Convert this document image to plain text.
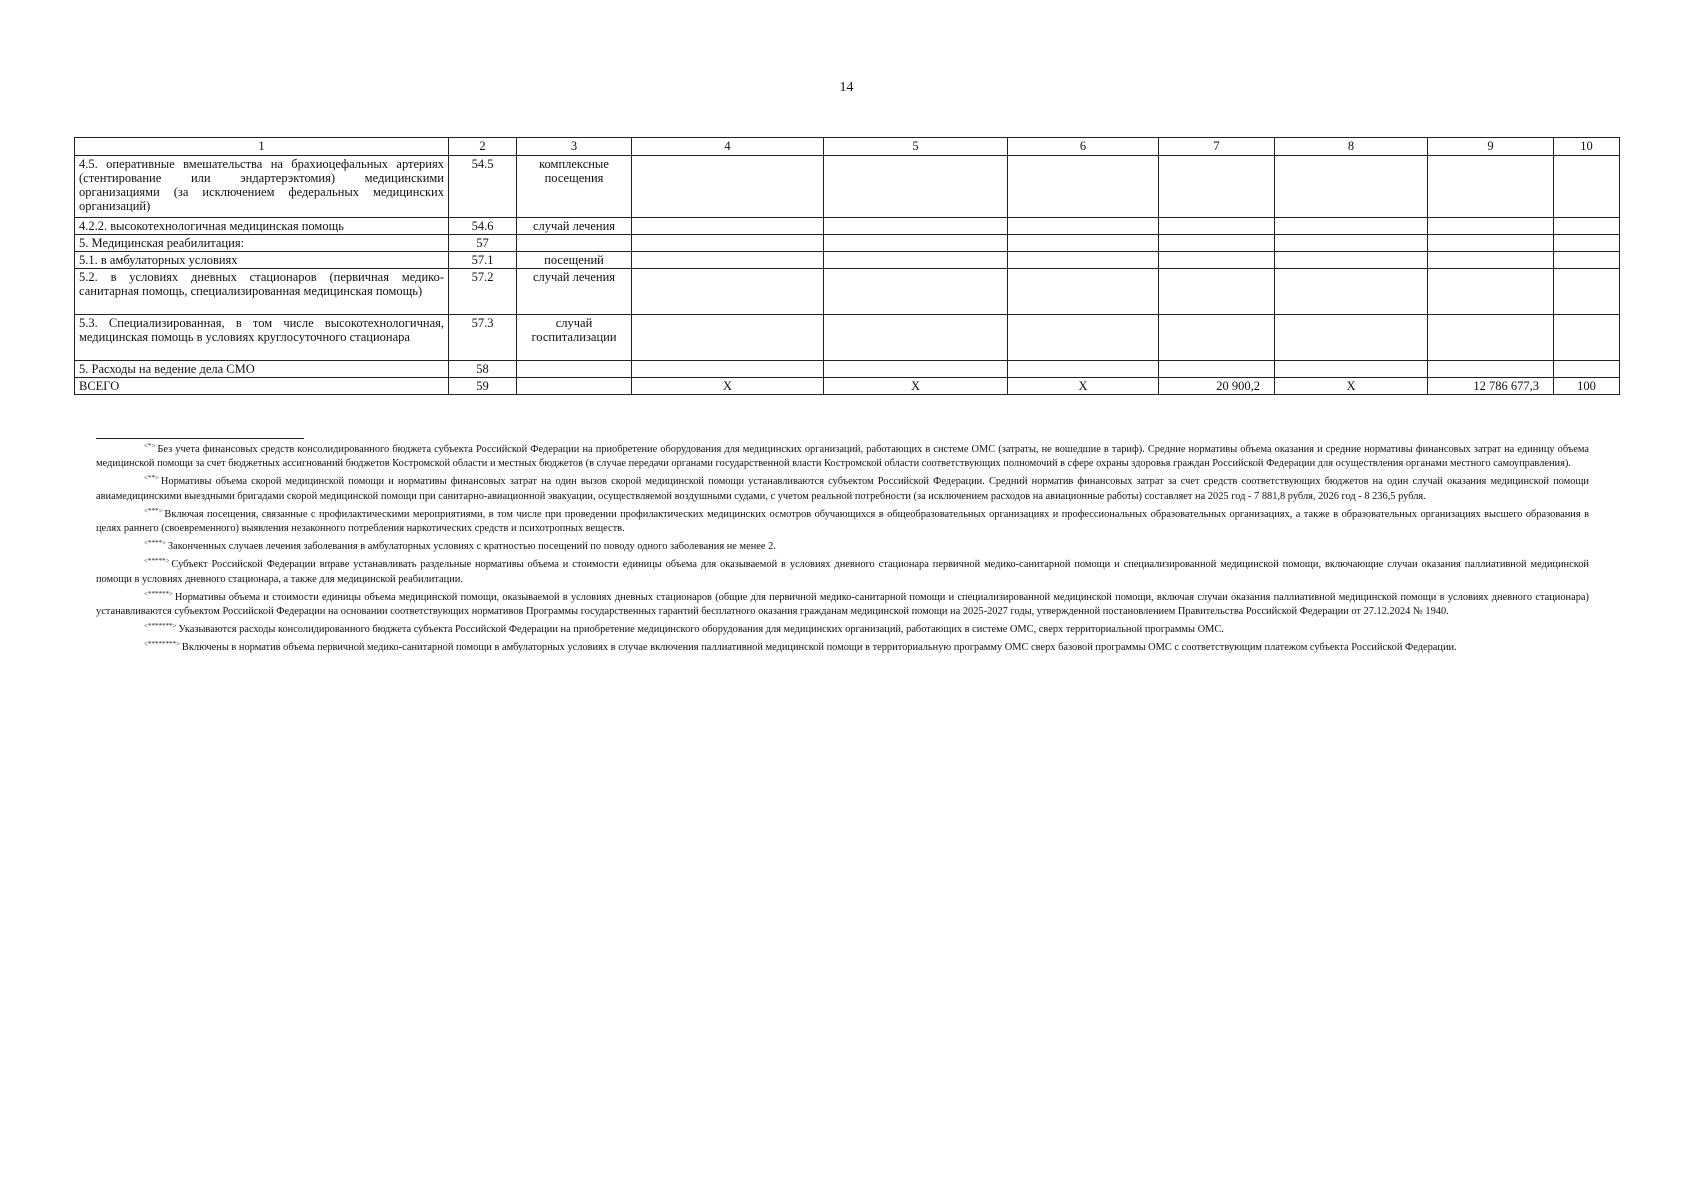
14
1	2	3	4	5	6	7	8	9	10
4.5. оперативные вмешательства на брахиоцефальных артериях (стентирование или эндартерэктомия) медицинскими организациями (за исключением федеральных медицинских организаций)	54.5	комплексные посещения							
4.2.2. высокотехнологичная медицинская помощь	54.6	случай лечения							
5. Медицинская реабилитация:	57								
5.1. в амбулаторных условиях	57.1	посещений							
5.2. в условиях дневных стационаров (первичная медико-санитарная помощь, специализированная медицинская помощь)	57.2	случай лечения							
5.3. Специализированная, в том числе высокотехнологичная, медицинская помощь в условиях круглосуточного стационара	57.3	случай госпитализации							
5. Расходы на ведение дела СМО	58								
ВСЕГО	59		Х	Х	Х	20 900,2	Х	12 786 677,3	100

<*> Без учета финансовых средств консолидированного бюджета субъекта Российской Федерации на приобретение оборудования для медицинских организаций, работающих в системе ОМС (затраты, не вошедшие в тариф). Средние нормативы объема оказания и средние нормативы финансовых затрат на единицу объема медицинской помощи за счет бюджетных ассигнований бюджетов Костромской области и местных бюджетов (в случае передачи органами государственной власти Костромской области соответствующих полномочий в сфере охраны здоровья граждан Российской Федерации для осуществления органами местного самоуправления).

<**> Нормативы объема скорой медицинской помощи и нормативы финансовых затрат на один вызов скорой медицинской помощи устанавливаются субъектом Российской Федерации. Средний норматив финансовых затрат за счет средств соответствующих бюджетов на один случай оказания медицинской помощи авиамедицинскими выездными бригадами скорой медицинской помощи при санитарно-авиационной эвакуации, осуществляемой воздушными судами, с учетом реальной потребности (за исключением расходов на авиационные работы) составляет на 2025 год - 7 881,8 рубля, 2026 год - 8 236,5 рубля.

<***> Включая посещения, связанные с профилактическими мероприятиями, в том числе при проведении профилактических медицинских осмотров обучающихся в общеобразовательных организациях и профессиональных образовательных организациях, а также в образовательных организациях высшего образования в целях раннего (своевременного) выявления незаконного потребления наркотических средств и психотропных веществ.

<****> Законченных случаев лечения заболевания в амбулаторных условиях с кратностью посещений по поводу одного заболевания не менее 2.

<*****> Субъект Российской Федерации вправе устанавливать раздельные нормативы объема и стоимости единицы объема для оказываемой в условиях дневного стационара первичной медико-санитарной помощи и специализированной медицинской помощи, включающие случаи оказания паллиативной медицинской помощи в условиях дневного стационара, а также для медицинской реабилитации.

<******> Нормативы объема и стоимости единицы объема медицинской помощи, оказываемой в условиях дневных стационаров (общие для первичной медико-санитарной помощи и специализированной медицинской помощи, включая случаи оказания паллиативной медицинской помощи в условиях дневного стационара) устанавливаются субъектом Российской Федерации на основании соответствующих нормативов Программы государственных гарантий бесплатного оказания гражданам медицинской помощи на 2025-2027 годы, утвержденной постановлением Правительства Российской Федерации от 27.12.2024 № 1940.

<*******> Указываются расходы консолидированного бюджета субъекта Российской Федерации на приобретение медицинского оборудования для медицинских организаций, работающих в системе ОМС, сверх территориальной программы ОМС.

<********> Включены в норматив объема первичной медико-санитарной помощи в амбулаторных условиях в случае включения паллиативной медицинской помощи в территориальную программу ОМС сверх базовой программы ОМС с соответствующим платежом субъекта Российской Федерации.
